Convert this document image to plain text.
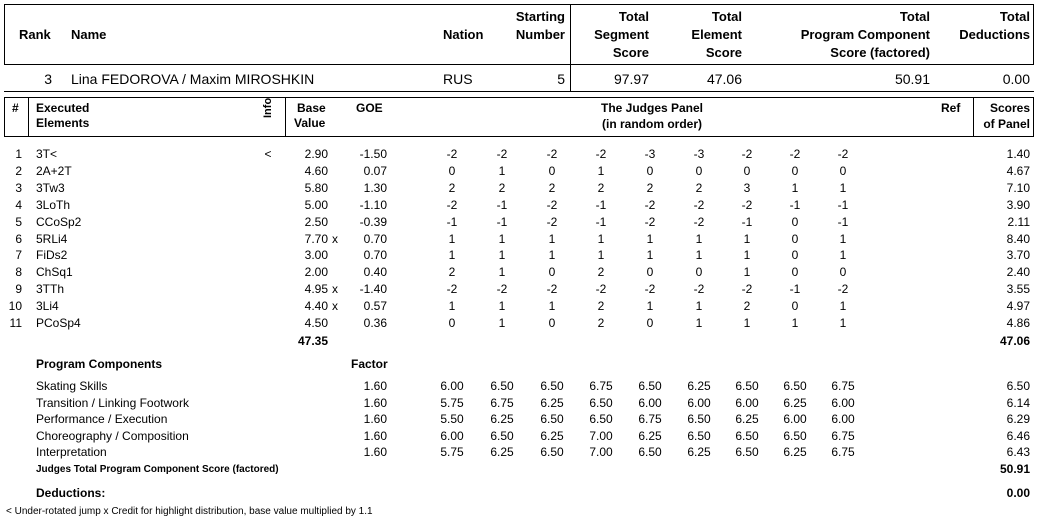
Rank Name	Nation
Starting
Number
Total
Segment
Score
Total
Element
Score
Total
Program Component
Score (factored)
Total
Deductions
3 Lina FEDOROVA / Maxim MIROSHKIN	RUS	5	97.97	47.06	50.91	0.00
# Executed
Elements
Info Base
Value
GOE	The Judges Panel
(in random order)
Ref	Scores
of Panel
1 3T<	<	2.90	-1.50	-2	-2	-2	-2	-3	-3	-2	-2	-2	1.40
2 2A+2T	4.60	0.07	0	1	0	1	0	0	0	0	0	4.67
3 3Tw3	5.80	1.30	2	2	2	2	2	2	3	1	1	7.10
4 3LoTh	5.00	-1.10	-2	-1	-2	-1	-2	-2	-2	-1	-1	3.90
5 CCoSp2	2.50	-0.39	-1	-1	-2	-1	-2	-2	-1	0	-1	2.11
6 5RLi4	7.70 x	0.70	1	1	1	1	1	1	1	0	1	8.40
7 FiDs2	3.00	0.70	1	1	1	1	1	1	1	0	1	3.70
8 ChSq1	2.00	0.40	2	1	0	2	0	0	1	0	0	2.40
9 3TTh	4.95 x	-1.40	-2	-2	-2	-2	-2	-2	-2	-1	-2	3.55
10 3Li4	4.40 x	0.57	1	1	1	2	1	1	2	0	1	4.97
11 PCoSp4	4.50	0.36	0	1	0	2	0	1	1	1	1	4.86
47.35	47.06
Program Components	Factor
Skating Skills	1.60	6.00	6.50	6.50	6.75	6.50	6.25	6.50	6.50	6.75	6.50
Transition / Linking Footwork	1.60	5.75	6.75	6.25	6.50	6.00	6.00	6.00	6.25	6.00	6.14
Performance / Execution	1.60	5.50	6.25	6.50	6.50	6.75	6.50	6.25	6.00	6.00	6.29
Choreography / Composition	1.60	6.00	6.50	6.25	7.00	6.25	6.50	6.50	6.50	6.75	6.46
Interpretation	1.60	5.75	6.25	6.50	7.00	6.50	6.25	6.50	6.25	6.75	6.43
Judges Total Program Component Score (factored)	50.91
Deductions:	0.00
< Under-rotated jump x Credit for highlight distribution, base value multiplied by 1.1
